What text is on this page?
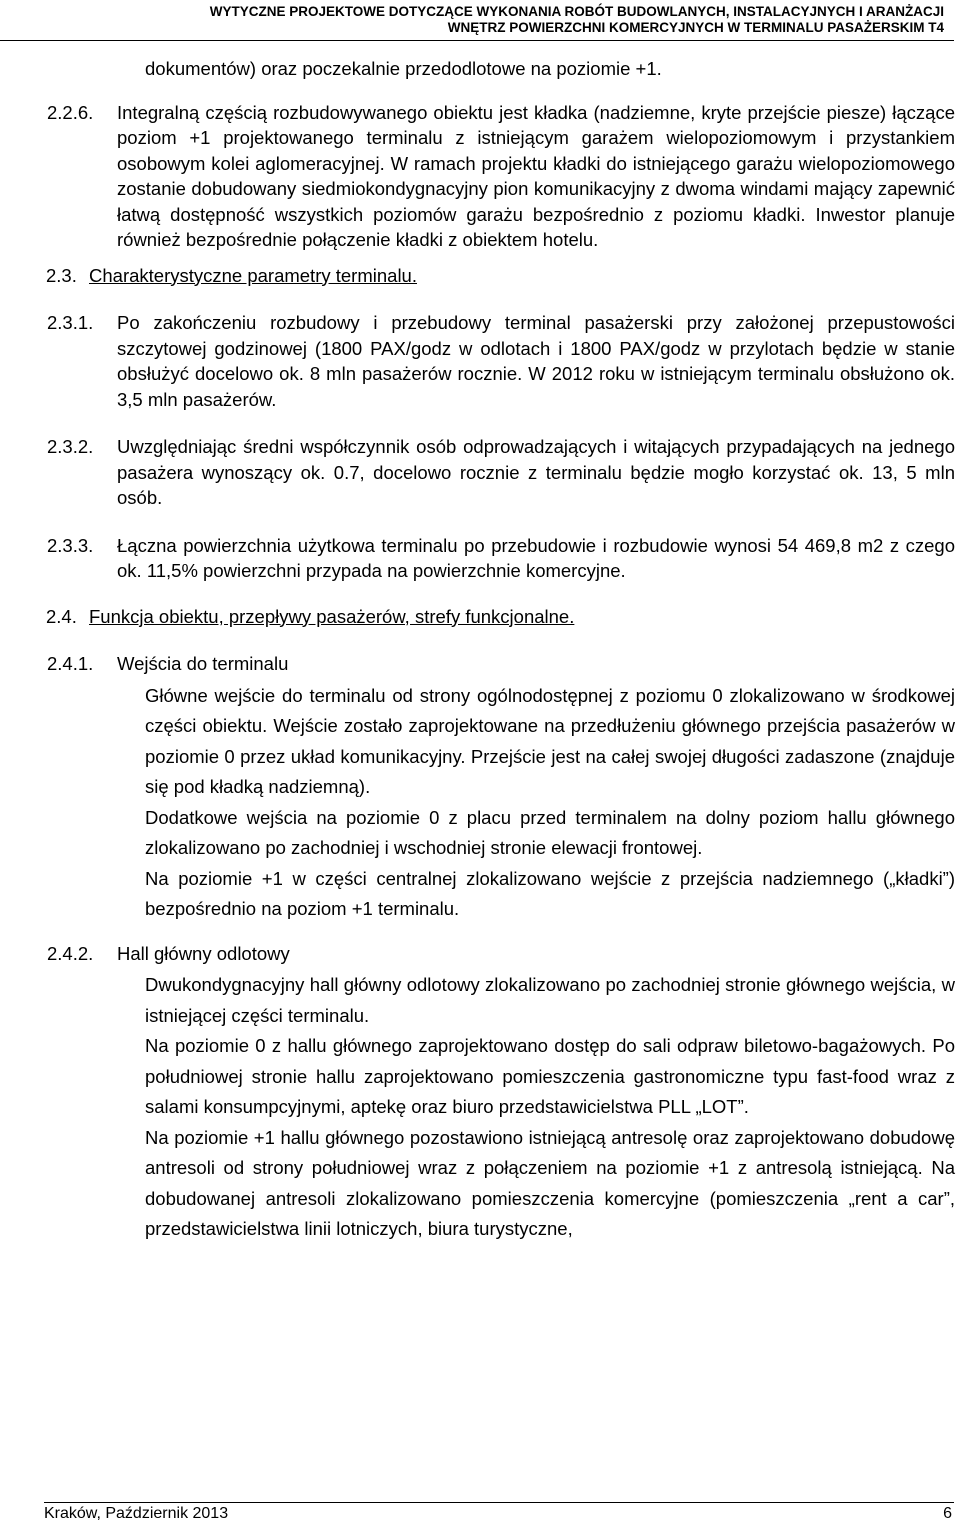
WYTYCZNE PROJEKTOWE DOTYCZĄCE WYKONANIA ROBÓT BUDOWLANYCH, INSTALACYJNYCH I ARANŻACJI
WNĘTRZ POWIERZCHNI KOMERCYJNYCH W TERMINALU PASAŻERSKIM T4

dokumentów) oraz poczekalnie przedodlotowe na poziomie +1.

2.2.6. Integralną częścią rozbudowywanego obiektu jest kładka (nadziemne, kryte przejście piesze) łączące poziom +1 projektowanego terminalu z istniejącym garażem wielopoziomowym i przystankiem osobowym kolei aglomeracyjnej. W ramach projektu kładki do istniejącego garażu wielopoziomowego zostanie dobudowany siedmiokondygnacyjny pion komunikacyjny z dwoma windami mający zapewnić łatwą dostępność wszystkich poziomów garażu bezpośrednio z poziomu kładki. Inwestor planuje również bezpośrednie połączenie kładki z obiektem hotelu.
2.3. Charakterystyczne parametry terminalu.
2.3.1. Po zakończeniu rozbudowy i przebudowy terminal pasażerski przy założonej przepustowości szczytowej godzinowej (1800 PAX/godz w odlotach i 1800 PAX/godz w przylotach będzie w stanie obsłużyć docelowo ok. 8 mln pasażerów rocznie. W 2012 roku w istniejącym terminalu obsłużono ok. 3,5 mln pasażerów.
2.3.2. Uwzględniając średni współczynnik osób odprowadzających i witających przypadających na jednego pasażera wynoszący ok. 0.7, docelowo rocznie z terminalu będzie mogło korzystać ok. 13, 5 mln osób.
2.3.3. Łączna powierzchnia użytkowa terminalu po przebudowie i rozbudowie wynosi 54 469,8 m2 z czego ok. 11,5% powierzchni przypada na powierzchnie komercyjne.
2.4. Funkcja obiektu, przepływy pasażerów, strefy funkcjonalne.
2.4.1. Wejścia do terminalu
Główne wejście do terminalu od strony ogólnodostępnej z poziomu 0 zlokalizowano w środkowej części obiektu. Wejście zostało zaprojektowane na przedłużeniu głównego przejścia pasażerów w poziomie 0 przez układ komunikacyjny. Przejście jest na całej swojej długości zadaszone (znajduje się pod kładką nadziemną).
Dodatkowe wejścia na poziomie 0 z placu przed terminalem na dolny poziom hallu głównego zlokalizowano po zachodniej i wschodniej stronie elewacji frontowej.
Na poziomie +1 w części centralnej zlokalizowano wejście z przejścia nadziemnego („kładki”) bezpośrednio na poziom +1 terminalu.
2.4.2. Hall główny odlotowy
Dwukondygnacyjny hall główny odlotowy zlokalizowano po zachodniej stronie głównego wejścia, w istniejącej części terminalu.
Na poziomie 0 z hallu głównego zaprojektowano dostęp do sali odpraw biletowo-bagażowych. Po południowej stronie hallu zaprojektowano pomieszczenia gastronomiczne typu fast-food wraz z salami konsumpcyjnymi, aptekę oraz biuro przedstawicielstwa PLL „LOT”.
Na poziomie +1 hallu głównego pozostawiono istniejącą antresolę oraz zaprojektowano dobudowę antresoli od strony południowej wraz z połączeniem na poziomie +1 z antresolą istniejącą. Na dobudowanej antresoli zlokalizowano pomieszczenia komercyjne (pomieszczenia „rent a car”, przedstawicielstwa linii lotniczych, biura turystyczne,
Kraków, Październik 2013	6
